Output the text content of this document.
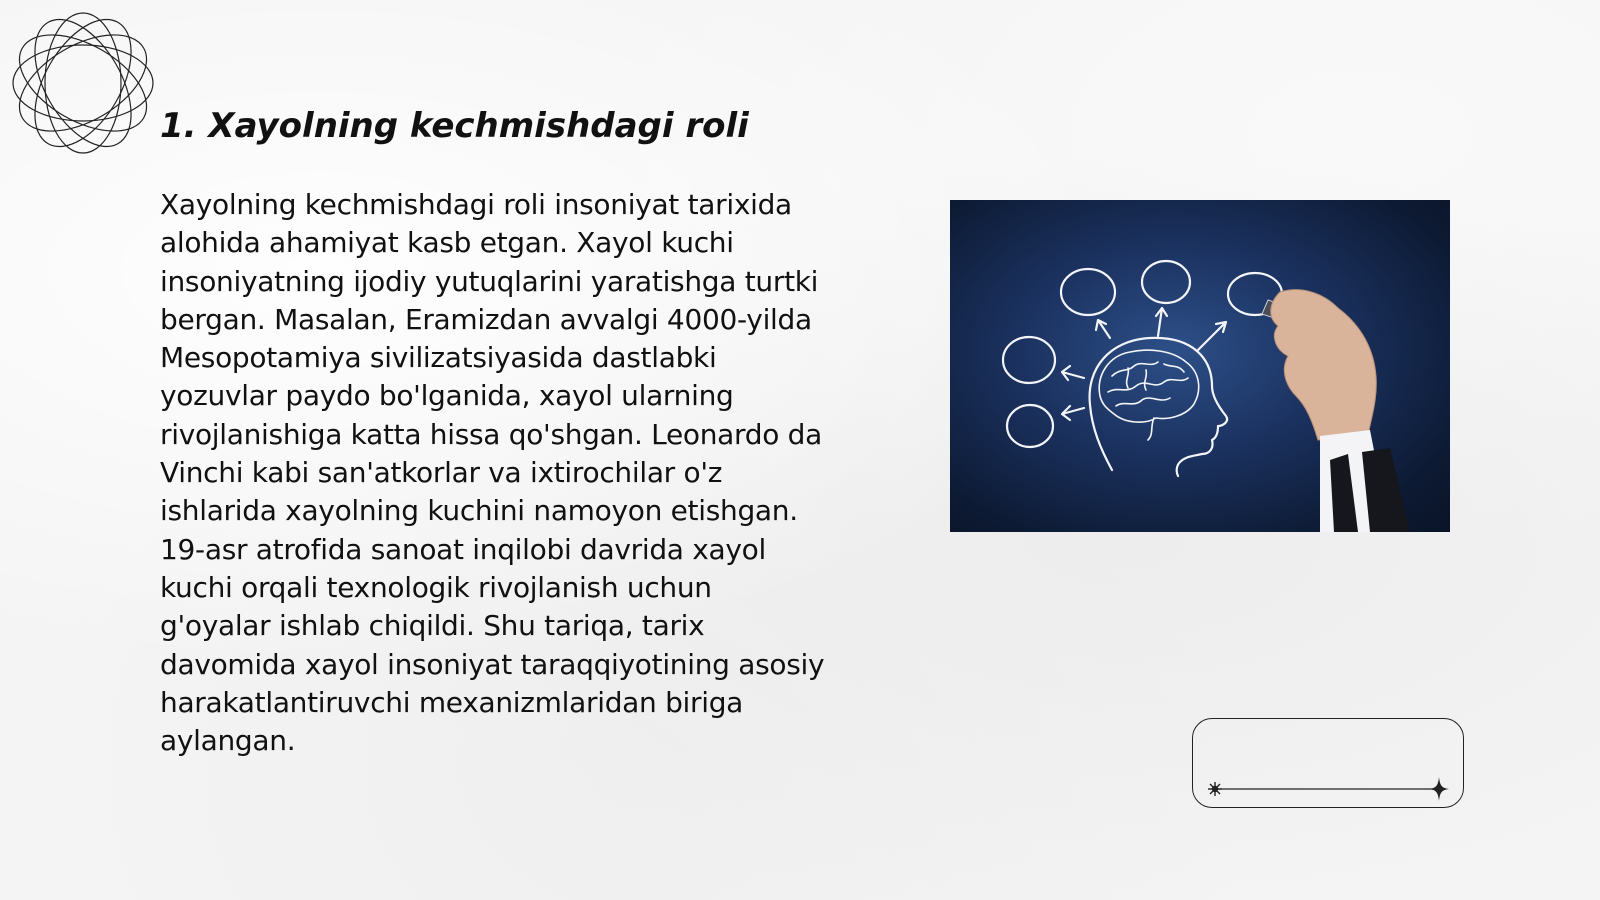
1. Xayolning kechmishdagi roli

Xayolning kechmishdagi roli insoniyat tarixida alohida ahamiyat kasb etgan. Xayol kuchi insoniyatning ijodiy yutuqlarini yaratishga turtki bergan. Masalan, Eramizdan avvalgi 4000-yilda Mesopotamiya sivilizatsiyasida dastlabki yozuvlar paydo bo'lganida, xayol ularning rivojlanishiga katta hissa qo'shgan. Leonardo da Vinchi kabi san'atkorlar va ixtirochilar o'z ishlarida xayolning kuchini namoyon etishgan. 19-asr atrofida sanoat inqilobi davrida xayol kuchi orqali texnologik rivojlanish uchun g'oyalar ishlab chiqildi. Shu tariqa, tarix davomida xayol insoniyat taraqqiyotining asosiy harakatlantiruvchi mexanizmlaridan biriga aylangan.
